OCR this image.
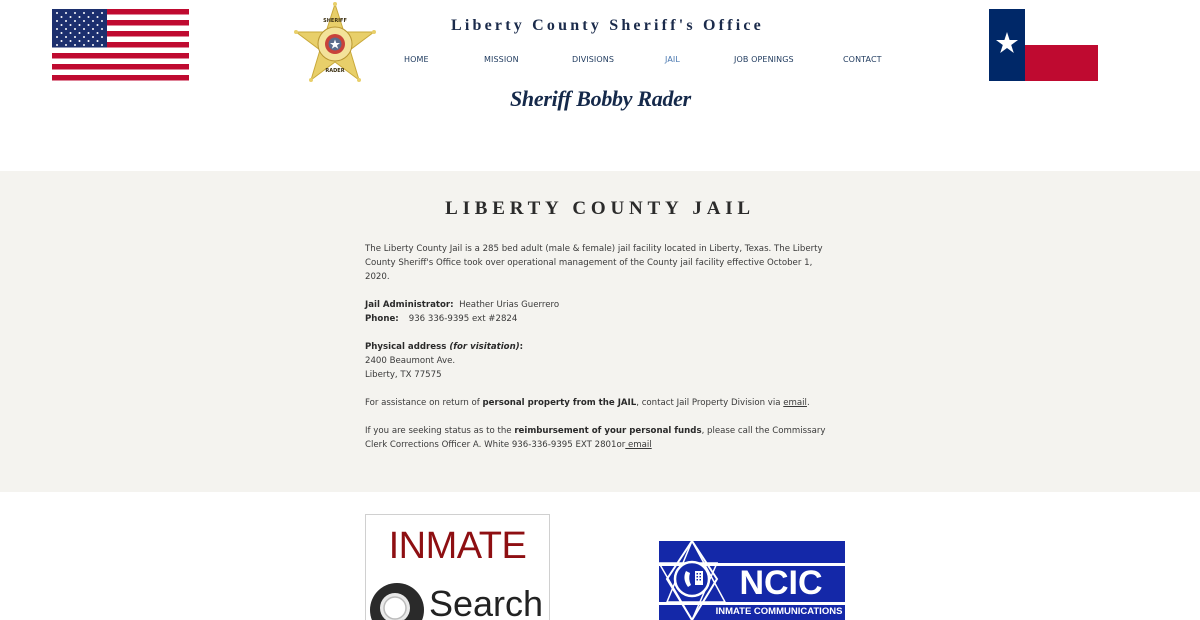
SHERIFF
RADER
Liberty County Sheriff's Office
HOME	MISSION	DIVISIONS	JAIL	JOB OPENINGS	CONTACT
Sheriff Bobby Rader
LIBERTY COUNTY JAIL

The Liberty County Jail is a 285 bed adult (male & female) jail facility located in Liberty, Texas. The Liberty County Sheriff's Office took over operational management of the County jail facility effective October 1, 2020.

Jail Administrator: Heather Urias Guerrero
Phone: 936 336-9395 ext #2824

Physical address (for visitation):
2400 Beaumont Ave.
Liberty, TX 77575

For assistance on return of personal property from the JAIL, contact Jail Property Division via email.

If you are seeking status as to the reimbursement of your personal funds, please call the Commissary Clerk Corrections Officer A. White 936-336-9395 EXT 2801or email

INMATE
Search	NCIC
INMATE COMMUNICATIONS
